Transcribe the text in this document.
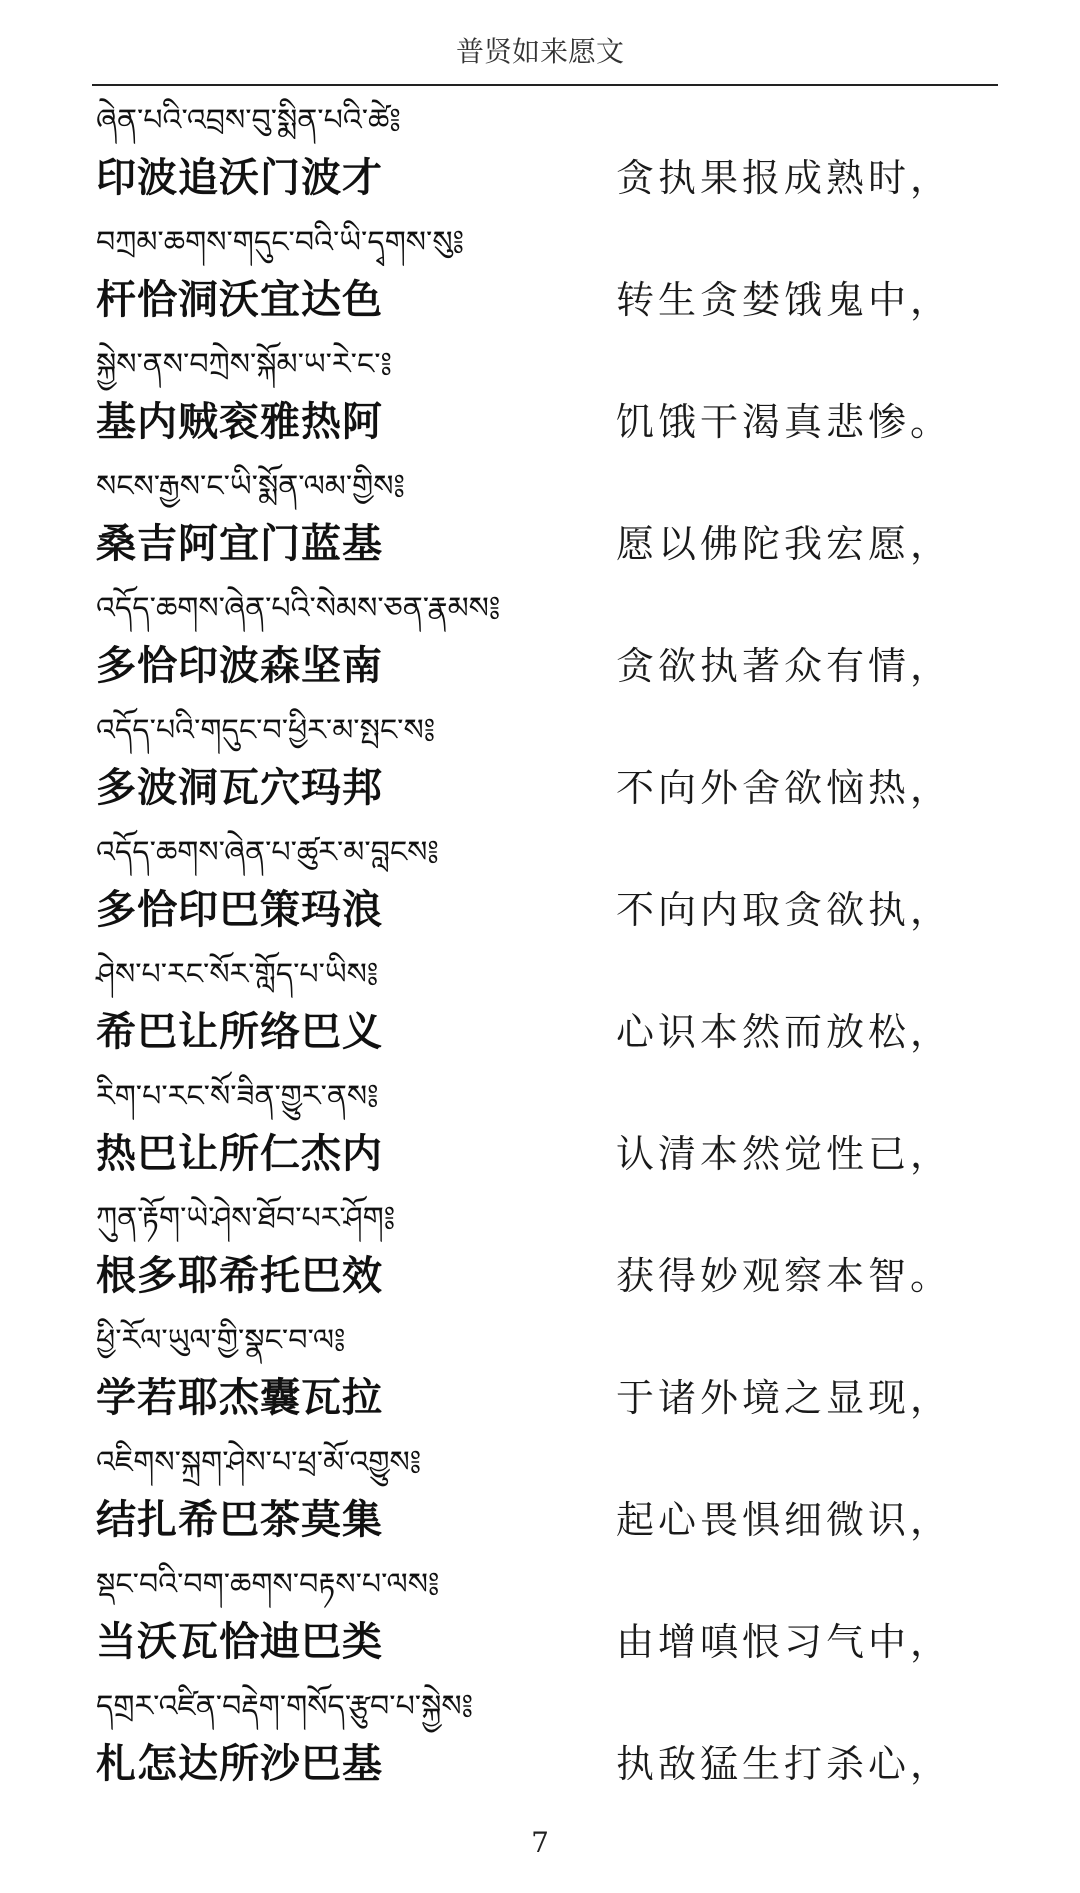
普贤如来愿文
ཞེན་པའི་འབྲས་བུ་སྨིན་པའི་ཚེ༔
印波追沃门波才	贪执果报成熟时，
བཀྲམ་ཆགས་གདུང་བའི་ཡི་དྭགས་སུ༔
杆恰洞沃宜达色	转生贪婪饿鬼中，
སྐྱེས་ནས་བཀྲེས་སྐོམ་ཡ་རེ་ང་༔
基内贼衮雅热阿	饥饿干渴真悲惨。
སངས་རྒྱས་ང་ཡི་སྨོན་ལམ་གྱིས༔
桑吉阿宜门蓝基	愿以佛陀我宏愿，
འདོད་ཆགས་ཞེན་པའི་སེམས་ཅན་རྣམས༔
多恰印波森坚南	贪欲执著众有情，
འདོད་པའི་གདུང་བ་ཕྱིར་མ་སྤང་ས༔
多波洞瓦穴玛邦	不向外舍欲恼热，
འདོད་ཆགས་ཞེན་པ་ཚུར་མ་བླངས༔
多恰印巴策玛浪	不向内取贪欲执，
ཤེས་པ་རང་སོར་གློད་པ་ཡིས༔
希巴让所络巴义	心识本然而放松，
རིག་པ་རང་སོ་ཟིན་གྱུར་ནས༔
热巴让所仁杰内	认清本然觉性已，
ཀུན་རྟོག་ཡེ་ཤེས་ཐོབ་པར་ཤོག༔
根多耶希托巴效	获得妙观察本智。
ཕྱི་རོལ་ཡུལ་གྱི་སྣང་བ་ལ༔
学若耶杰囊瓦拉	于诸外境之显现，
འཇིགས་སྐྲག་ཤེས་པ་ཕྲ་མོ་འགྱུས༔
结扎希巴茶莫集	起心畏惧细微识，
སྡང་བའི་བག་ཆགས་བརྟས་པ་ལས༔
当沃瓦恰迪巴类	由增嗔恨习气中，
དགྲར་འཛིན་བརྡེག་གསོད་རྩུབ་པ་སྐྱེས༔
札怎达所沙巴基	执敌猛生打杀心，
7
